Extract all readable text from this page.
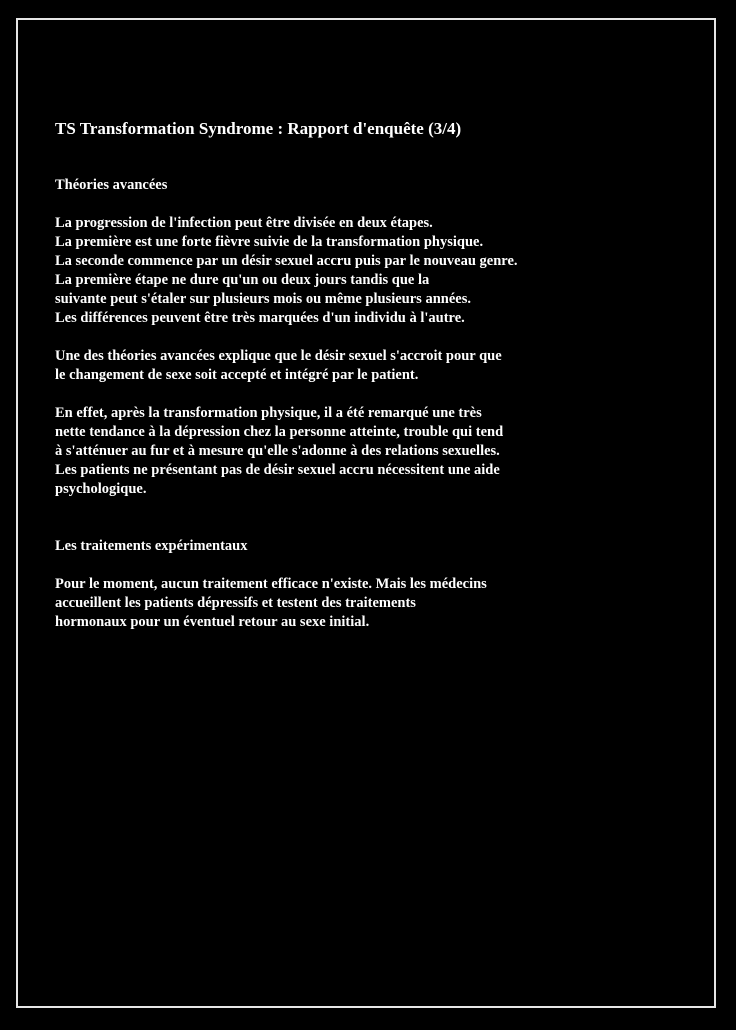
TS Transformation Syndrome : Rapport d'enquête (3/4)
Théories avancées
La progression de l'infection peut être divisée en deux étapes.
La première est une forte fièvre suivie de la transformation physique.
La seconde commence par un désir sexuel accru puis par le nouveau genre.
La première étape ne dure qu'un ou deux jours tandis que la
suivante peut s'étaler sur plusieurs mois ou même plusieurs années.
Les différences peuvent être très marquées d'un individu à l'autre.
Une des théories avancées explique que le désir sexuel s'accroit pour que
le changement de sexe soit accepté et intégré par le patient.
En effet, après la transformation physique, il a été remarqué une très
nette tendance à la dépression chez la personne atteinte, trouble qui tend
à s'atténuer au fur et à mesure qu'elle s'adonne à des relations sexuelles.
Les patients ne présentant pas de désir sexuel accru nécessitent une aide
psychologique.
Les traitements expérimentaux
Pour le moment, aucun traitement efficace n'existe. Mais les médecins
accueillent les patients dépressifs et testent des traitements
hormonaux pour un éventuel retour au sexe initial.
